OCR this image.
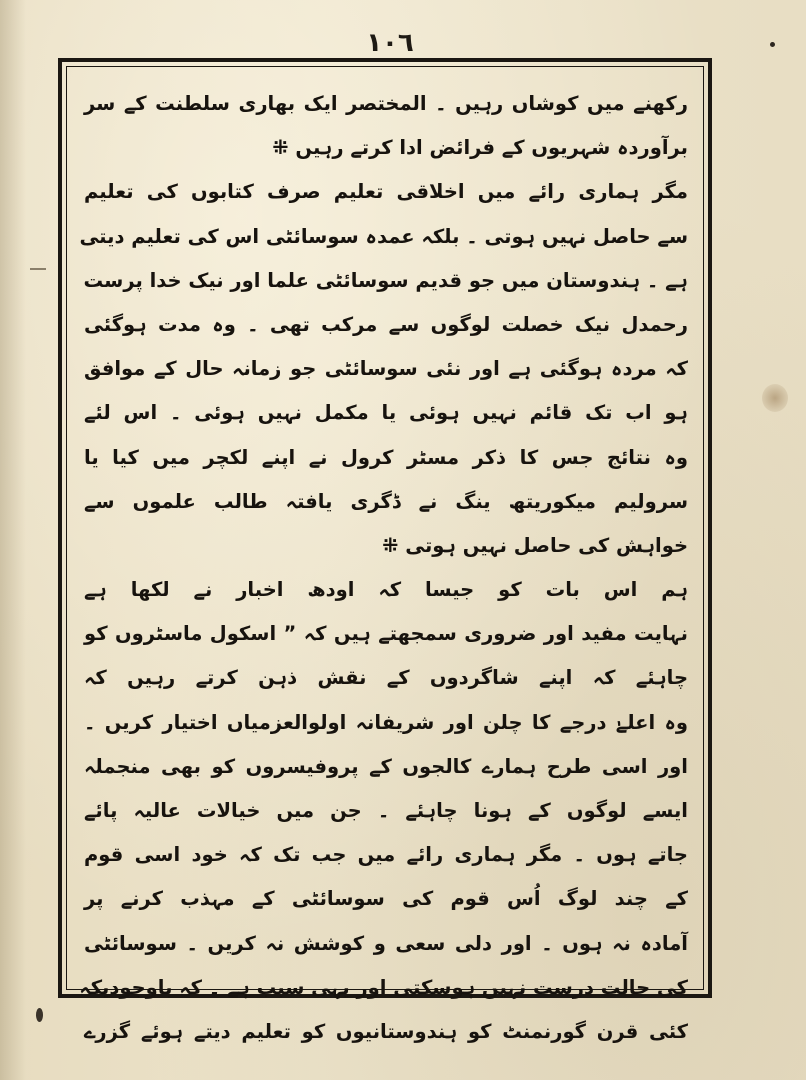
١٠٦
رکھنے میں کوشاں رہیں ۔ المختصر ایک بھاری سلطنت کے سر
برآوردہ شہریوں کے فرائض ادا کرتے رہیں ⁜
مگر ہماری رائے میں اخلاقی تعلیم صرف کتابوں کی تعلیم
سے حاصل نہیں ہوتی ۔ بلکہ عمدہ سوسائٹی اس کی تعلیم دیتی
ہے ۔ ہندوستان میں جو قدیم سوسائٹی علما اور نیک خدا پرست
رحمدل نیک خصلت لوگوں سے مرکب تھی ۔ وہ مدت ہوگئی
کہ مردہ ہوگئی ہے اور نئی سوسائٹی جو زمانہ حال کے موافق
ہو اب تک قائم نہیں ہوئی یا مکمل نہیں ہوئی ۔ اس لئے
وہ نتائج جس کا ذکر مسٹر کرول نے اپنے لکچر میں کیا یا
سرولیم میکوریتھ ینگ نے ڈگری یافتہ طالب علموں سے
خواہش کی حاصل نہیں ہوتی ⁜
ہم اس بات کو جیسا کہ اودھ اخبار نے لکھا ہے
نہایت مفید اور ضروری سمجھتے ہیں کہ ” اسکول ماسٹروں کو
چاہئے کہ اپنے شاگردوں کے نقش ذہن کرتے رہیں کہ
وہ اعلےٰ درجے کا چلن اور شریفانہ اولوالعزمیاں اختیار کریں ۔
اور اسی طرح ہمارے کالجوں کے پروفیسروں کو بھی منجملہ
ایسے لوگوں کے ہونا چاہئے ۔ جن میں خیالات عالیہ پائے
جاتے ہوں ۔ مگر ہماری رائے میں جب تک کہ خود اسی قوم
کے چند لوگ اُس قوم کی سوسائٹی کے مہذب کرنے پر
آمادہ نہ ہوں ۔ اور دلی سعی و کوشش نہ کریں ۔ سوسائٹی
کی حالت درست نہیں ہوسکتی اور یہی سبب ہے ۔ کہ باوجودیکہ
کئی قرن گورنمنٹ کو ہندوستانیوں کو تعلیم دیتے ہوئے گزرے
